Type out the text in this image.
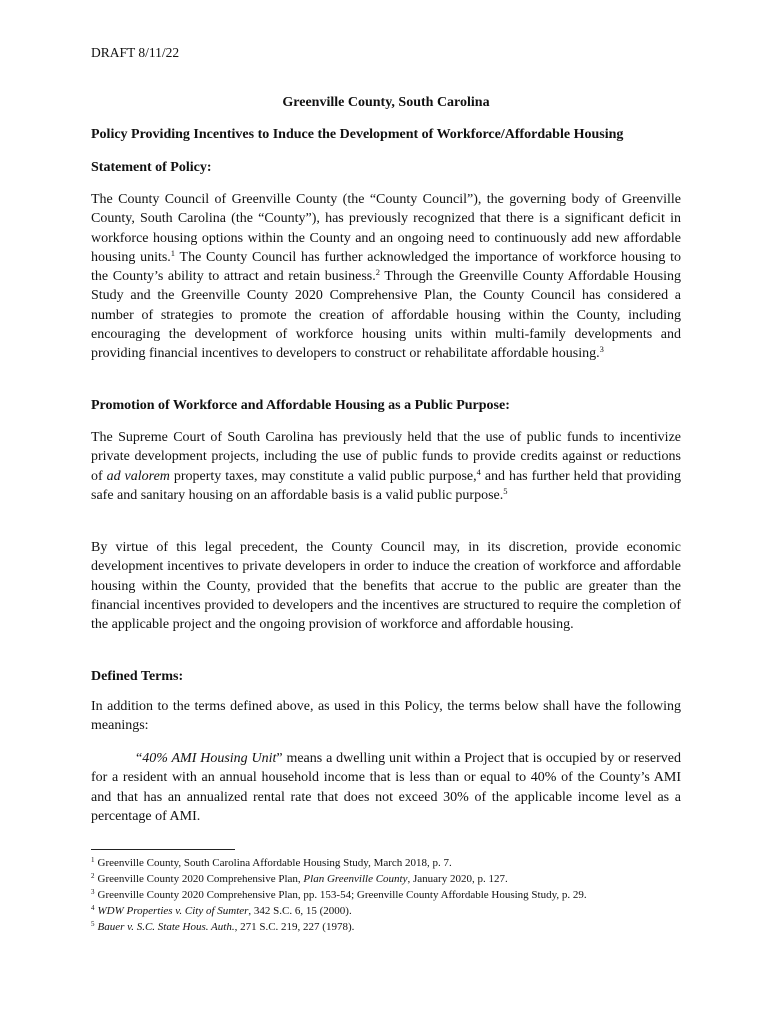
DRAFT 8/11/22
Greenville County, South Carolina
Policy Providing Incentives to Induce the Development of Workforce/Affordable Housing
Statement of Policy:
The County Council of Greenville County (the “County Council”), the governing body of Greenville County, South Carolina (the “County”), has previously recognized that there is a significant deficit in workforce housing options within the County and an ongoing need to continuously add new affordable housing units.$^1$ The County Council has further acknowledged the importance of workforce housing to the County’s ability to attract and retain business.$^2$ Through the Greenville County Affordable Housing Study and the Greenville County 2020 Comprehensive Plan, the County Council has considered a number of strategies to promote the creation of affordable housing within the County, including encouraging the development of workforce housing units within multi-family developments and providing financial incentives to developers to construct or rehabilitate affordable housing.$^3$
Promotion of Workforce and Affordable Housing as a Public Purpose:
The Supreme Court of South Carolina has previously held that the use of public funds to incentivize private development projects, including the use of public funds to provide credits against or reductions of ad valorem property taxes, may constitute a valid public purpose,$^4$ and has further held that providing safe and sanitary housing on an affordable basis is a valid public purpose.$^5$
By virtue of this legal precedent, the County Council may, in its discretion, provide economic development incentives to private developers in order to induce the creation of workforce and affordable housing within the County, provided that the benefits that accrue to the public are greater than the financial incentives provided to developers and the incentives are structured to require the completion of the applicable project and the ongoing provision of workforce and affordable housing.
Defined Terms:
In addition to the terms defined above, as used in this Policy, the terms below shall have the following meanings:
“40% AMI Housing Unit” means a dwelling unit within a Project that is occupied by or reserved for a resident with an annual household income that is less than or equal to 40% of the County’s AMI and that has an annualized rental rate that does not exceed 30% of the applicable income level as a percentage of AMI.
$^1$ Greenville County, South Carolina Affordable Housing Study, March 2018, p. 7.
$^2$ Greenville County 2020 Comprehensive Plan, Plan Greenville County, January 2020, p. 127.
$^3$ Greenville County 2020 Comprehensive Plan, pp. 153-54; Greenville County Affordable Housing Study, p. 29.
$^4$ WDW Properties v. City of Sumter, 342 S.C. 6, 15 (2000).
$^5$ Bauer v. S.C. State Hous. Auth., 271 S.C. 219, 227 (1978).
